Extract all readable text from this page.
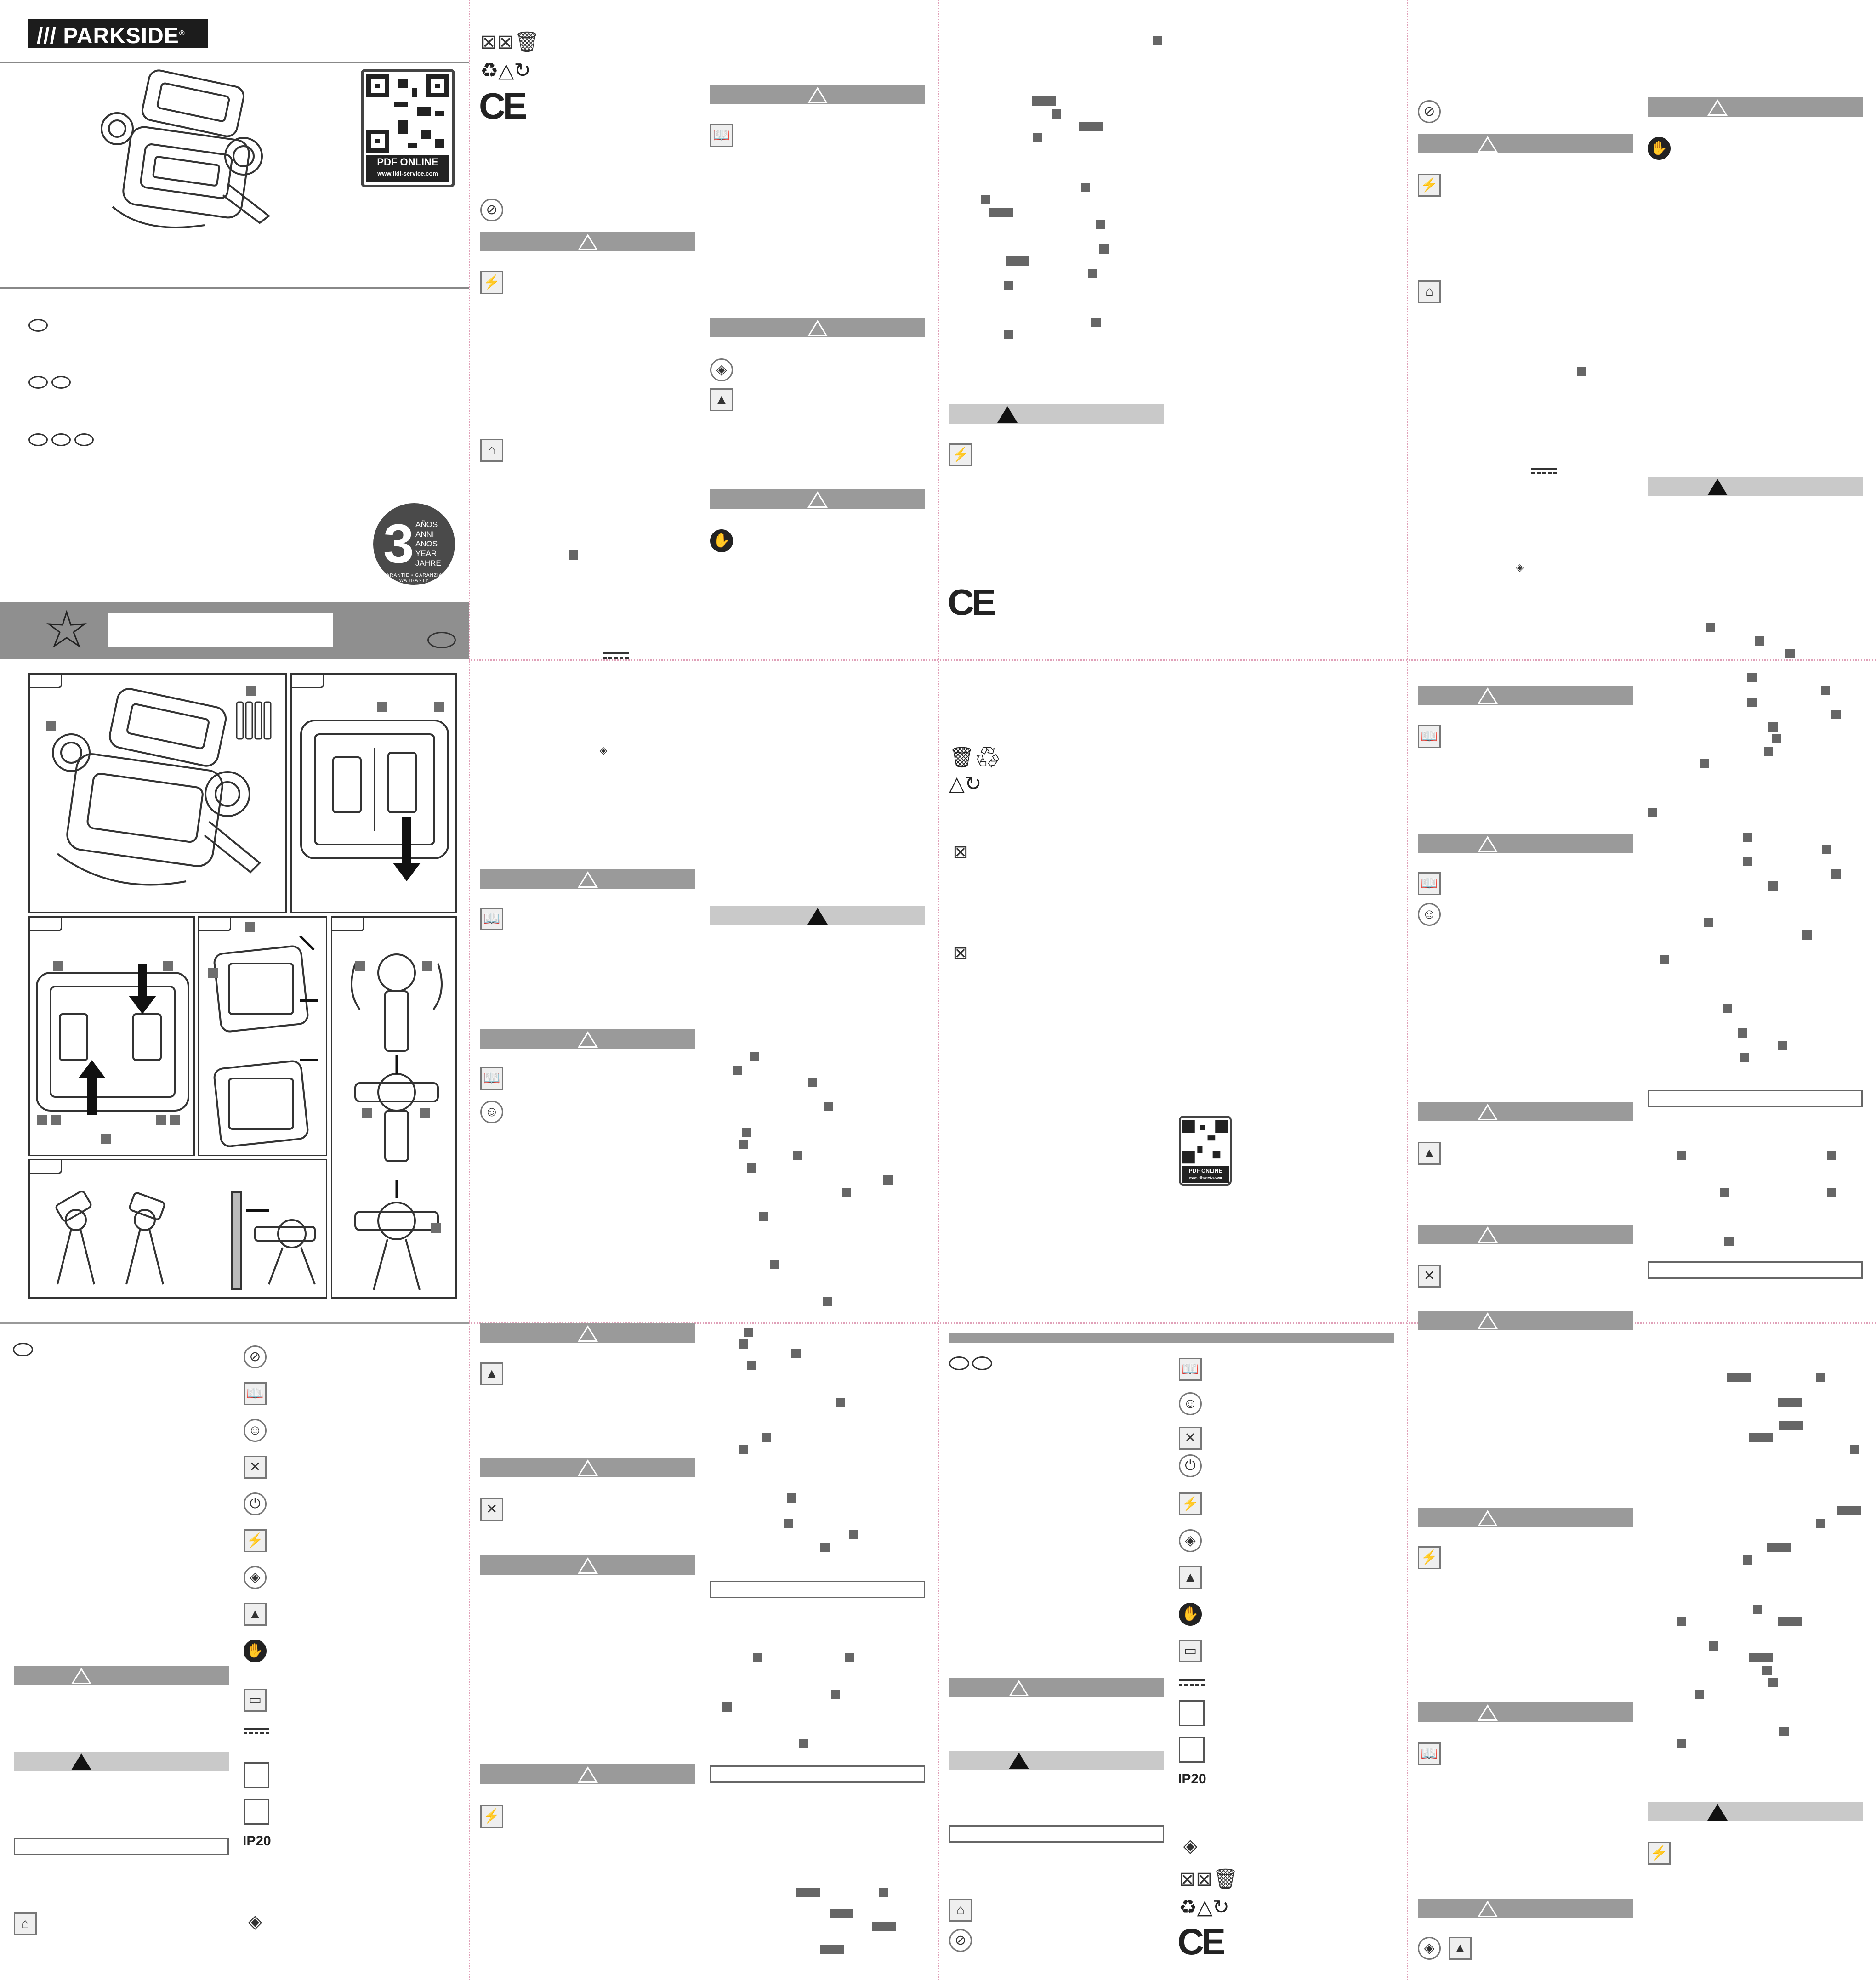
/// PARKSIDE®
PDF ONLINE
www.lidl-service.com
3 AÑOS
ANNI
ANOS
YEAR
JAHRE
GARANTIE • GARANZIA • WARRANTY
⊠⊠🗑
♻△↻
CE
⊘
⚡
⌂
📖
◈
▲
✋
◈
📖
📖
☺
▲
✕
⚡
⊘
📖
☺
✕
⏻
⚡
◈
▲
✋
▭
IP20
◈
⌂
⚡
CE
🗑♻
△↻
⊠
⊠
PDF ONLINE
www.lidl-service.com
📖
☺
✕
⏻
⚡
◈
▲
✋
▭
IP20
◈
⊠⊠🗑
♻△↻
CE
⌂
⊘
⊘
⚡
⌂
◈
✋
📖
📖
☺
▲
✕
⚡
📖
◈	▲
⚡
